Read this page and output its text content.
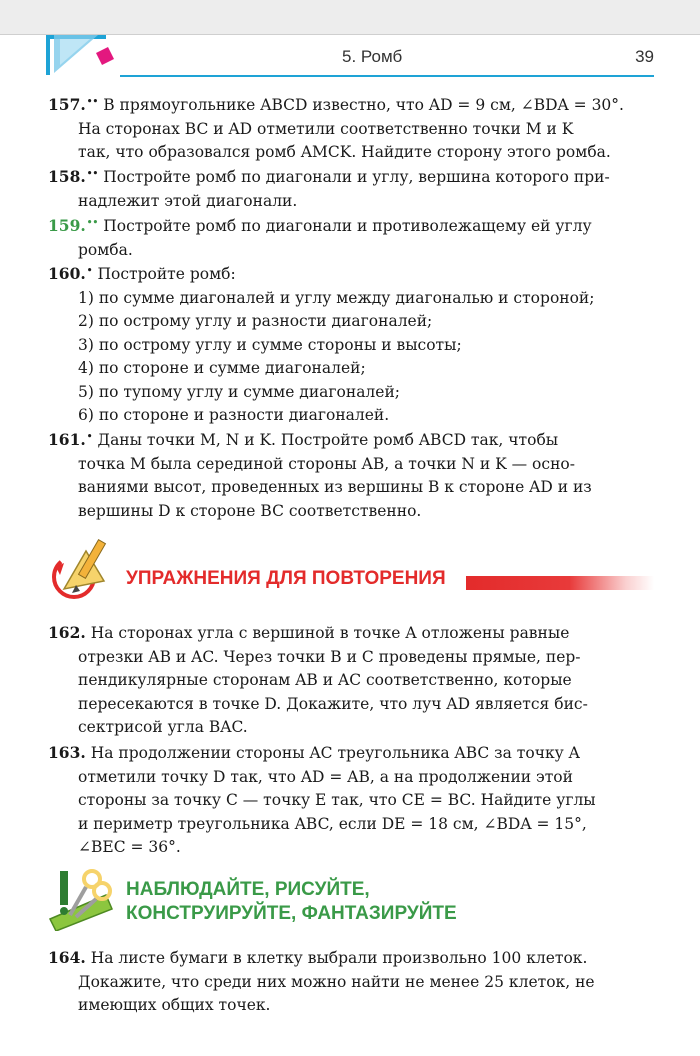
5. Ромб	39
157.•• В прямоугольнике ABCD известно, что AD = 9 см, ∠BDA = 30°.
На сторонах BC и AD отметили соответственно точки M и K
так, что образовался ромб AMCK. Найдите сторону этого ромба.
158.•• Постройте ромб по диагонали и углу, вершина которого при-
надлежит этой диагонали.
159.•• Постройте ромб по диагонали и противолежащему ей углу
ромба.
160.• Постройте ромб:
1) по сумме диагоналей и углу между диагональю и стороной;
2) по острому углу и разности диагоналей;
3) по острому углу и сумме стороны и высоты;
4) по стороне и сумме диагоналей;
5) по тупому углу и сумме диагоналей;
6) по стороне и разности диагоналей.
161.• Даны точки M, N и K. Постройте ромб ABCD так, чтобы
точка M была серединой стороны AB, а точки N и K — осно-
ваниями высот, проведенных из вершины B к стороне AD и из
вершины D к стороне BC соответственно.
УПРАЖНЕНИЯ ДЛЯ ПОВТОРЕНИЯ
162. На сторонах угла с вершиной в точке A отложены равные
отрезки AB и AC. Через точки B и C проведены прямые, пер-
пендикулярные сторонам AB и AC соответственно, которые
пересекаются в точке D. Докажите, что луч AD является бис-
сектрисой угла BAC.
163. На продолжении стороны AC треугольника ABC за точку A
отметили точку D так, что AD = AB, а на продолжении этой
стороны за точку C — точку E так, что CE = BC. Найдите углы
и периметр треугольника ABC, если DE = 18 см, ∠BDA = 15°,
∠BEC = 36°.
НАБЛЮДАЙТЕ, РИСУЙТЕ,
КОНСТРУИРУЙТЕ, ФАНТАЗИРУЙТЕ
164. На листе бумаги в клетку выбрали произвольно 100 клеток.
Докажите, что среди них можно найти не менее 25 клеток, не
имеющих общих точек.
